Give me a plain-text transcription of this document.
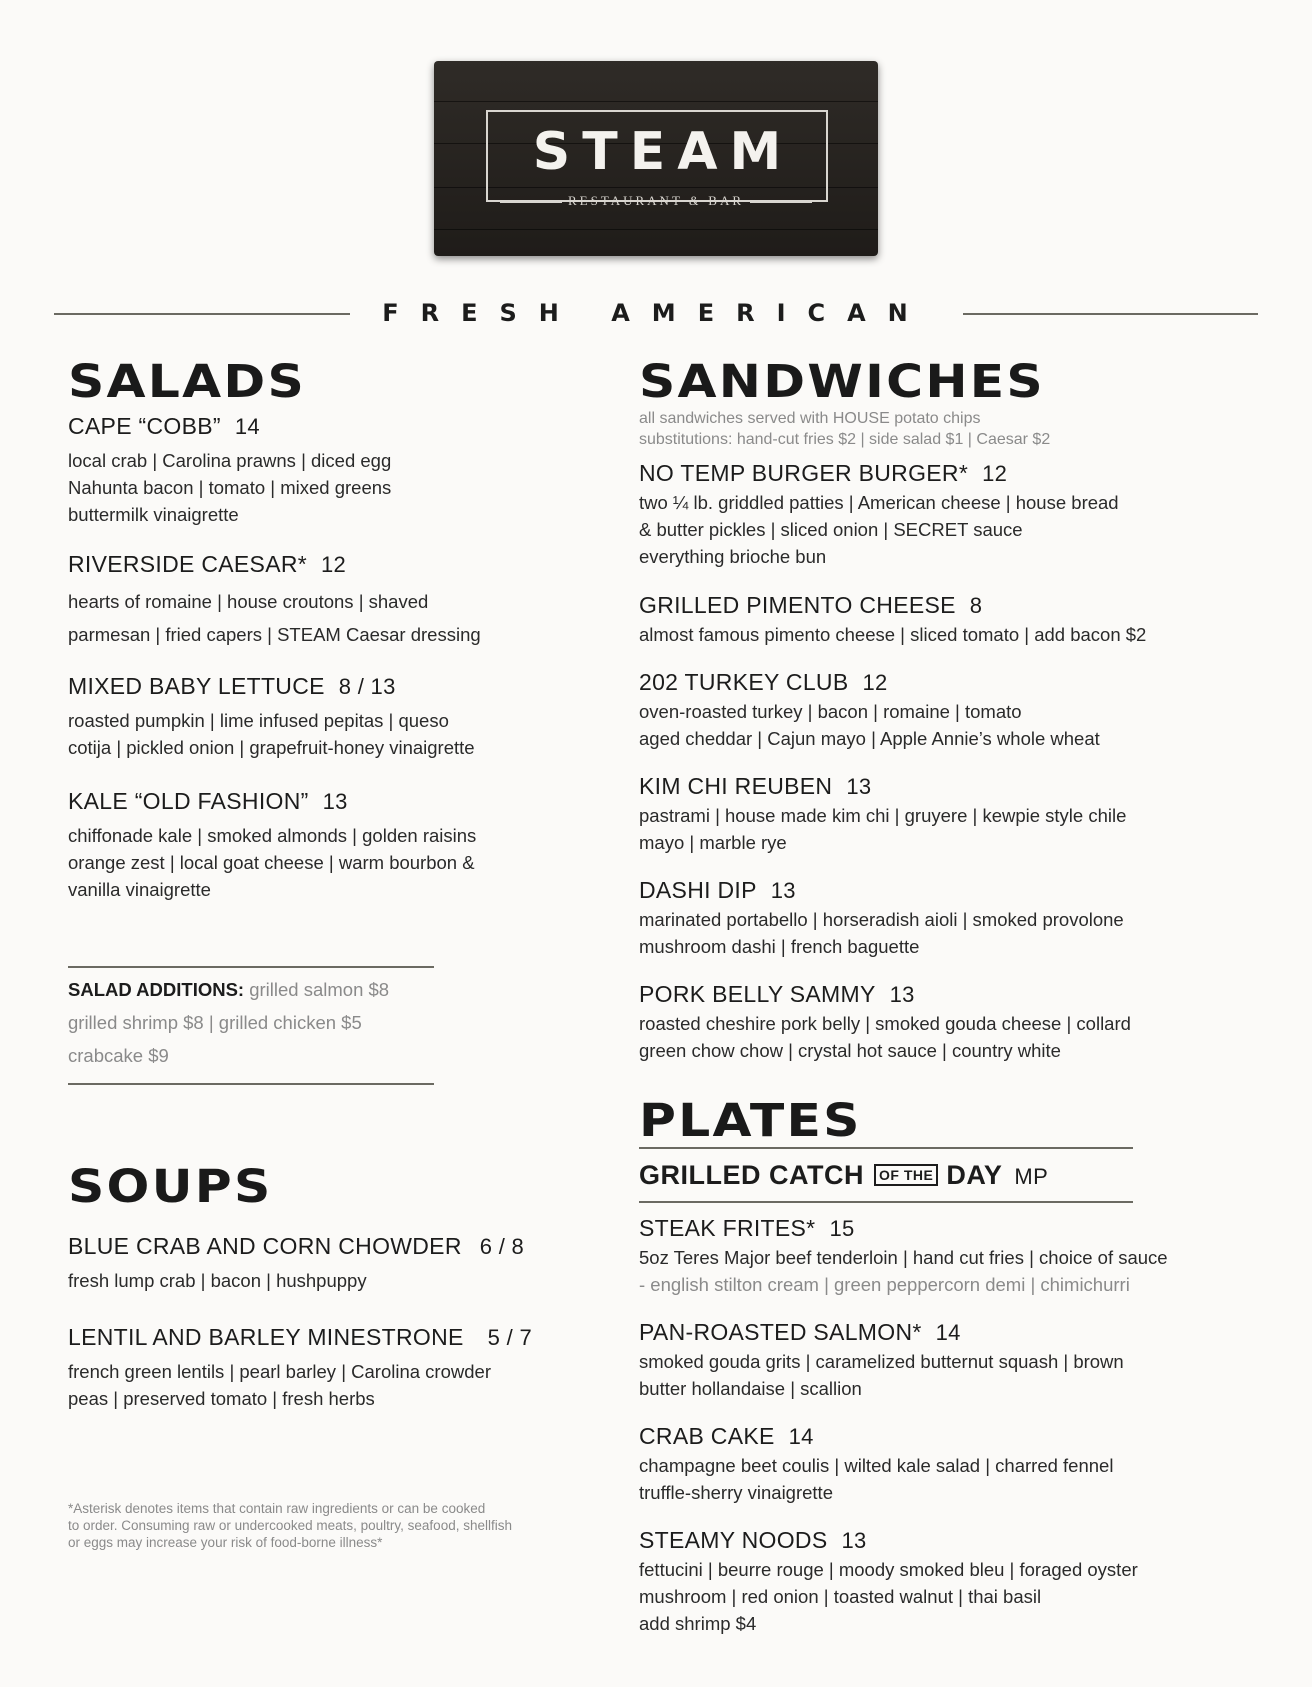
STEAM
RESTAURANT & BAR
FRESH AMERICAN
SALADS
CAPE “COBB” 14
local crab | Carolina prawns | diced egg
Nahunta bacon | tomato | mixed greens
buttermilk vinaigrette
RIVERSIDE CAESAR* 12
hearts of romaine | house croutons | shaved
parmesan | fried capers | STEAM Caesar dressing
MIXED BABY LETTUCE 8 / 13
roasted pumpkin | lime infused pepitas | queso
cotija | pickled onion | grapefruit-honey vinaigrette
KALE “OLD FASHION” 13
chiffonade kale | smoked almonds | golden raisins
orange zest | local goat cheese | warm bourbon &
vanilla vinaigrette
SALAD ADDITIONS: grilled salmon $8
grilled shrimp $8 | grilled chicken $5
crabcake $9
SOUPS
BLUE CRAB AND CORN CHOWDER 6 / 8
fresh lump crab | bacon | hushpuppy
LENTIL AND BARLEY MINESTRONE 5 / 7
french green lentils | pearl barley | Carolina crowder
peas | preserved tomato | fresh herbs
*Asterisk denotes items that contain raw ingredients or can be cooked
to order. Consuming raw or undercooked meats, poultry, seafood, shellfish
or eggs may increase your risk of food-borne illness*
SANDWICHES
all sandwiches served with HOUSE potato chips
substitutions: hand-cut fries $2 | side salad $1 | Caesar $2
NO TEMP BURGER BURGER* 12
two ¼ lb. griddled patties | American cheese | house bread
& butter pickles | sliced onion | SECRET sauce
everything brioche bun
GRILLED PIMENTO CHEESE 8
almost famous pimento cheese | sliced tomato | add bacon $2
202 TURKEY CLUB 12
oven-roasted turkey | bacon | romaine | tomato
aged cheddar | Cajun mayo | Apple Annie’s whole wheat
KIM CHI REUBEN 13
pastrami | house made kim chi | gruyere | kewpie style chile
mayo | marble rye
DASHI DIP 13
marinated portabello | horseradish aioli | smoked provolone
mushroom dashi | french baguette
PORK BELLY SAMMY 13
roasted cheshire pork belly | smoked gouda cheese | collard
green chow chow | crystal hot sauce | country white
PLATES
GRILLED CATCH OF THE DAY MP
STEAK FRITES* 15
5oz Teres Major beef tenderloin | hand cut fries | choice of sauce
- english stilton cream | green peppercorn demi | chimichurri
PAN-ROASTED SALMON* 14
smoked gouda grits | caramelized butternut squash | brown
butter hollandaise | scallion
CRAB CAKE 14
champagne beet coulis | wilted kale salad | charred fennel
truffle-sherry vinaigrette
STEAMY NOODS 13
fettucini | beurre rouge | moody smoked bleu | foraged oyster
mushroom | red onion | toasted walnut | thai basil
add shrimp $4
